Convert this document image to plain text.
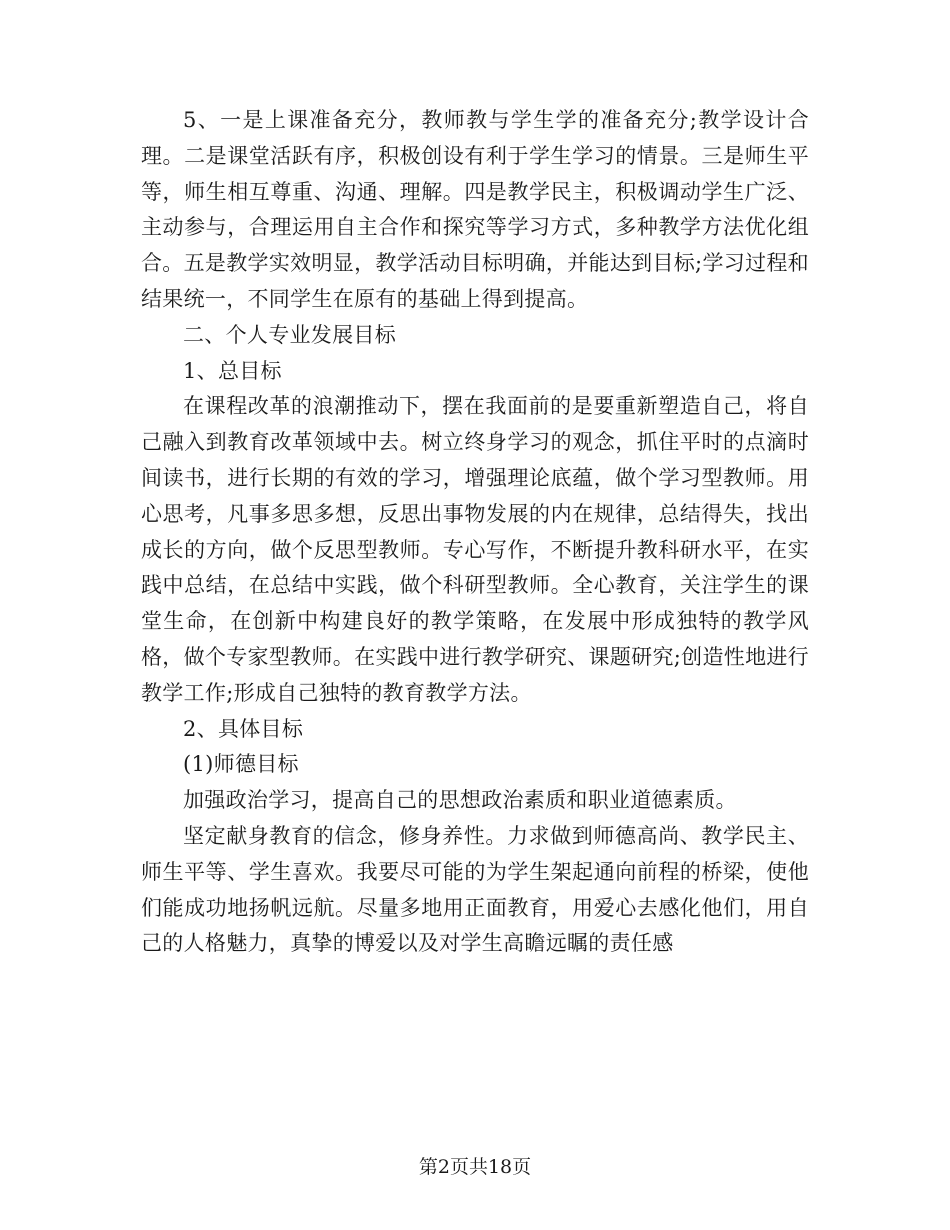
5、一是上课准备充分，教师教与学生学的准备充分;教学设计合理。二是课堂活跃有序，积极创设有利于学生学习的情景。三是师生平等，师生相互尊重、沟通、理解。四是教学民主，积极调动学生广泛、主动参与，合理运用自主合作和探究等学习方式，多种教学方法优化组合。五是教学实效明显，教学活动目标明确，并能达到目标;学习过程和结果统一，不同学生在原有的基础上得到提高。

二、个人专业发展目标

1、总目标

在课程改革的浪潮推动下，摆在我面前的是要重新塑造自己，将自己融入到教育改革领域中去。树立终身学习的观念，抓住平时的点滴时间读书，进行长期的有效的学习，增强理论底蕴，做个学习型教师。用心思考，凡事多思多想，反思出事物发展的内在规律，总结得失，找出成长的方向，做个反思型教师。专心写作，不断提升教科研水平，在实践中总结，在总结中实践，做个科研型教师。全心教育，关注学生的课堂生命，在创新中构建良好的教学策略，在发展中形成独特的教学风格，做个专家型教师。在实践中进行教学研究、课题研究;创造性地进行教学工作;形成自己独特的教育教学方法。

2、具体目标

(1)师德目标

加强政治学习，提高自己的思想政治素质和职业道德素质。

坚定献身教育的信念，修身养性。力求做到师德高尚、教学民主、师生平等、学生喜欢。我要尽可能的为学生架起通向前程的桥梁，使他们能成功地扬帆远航。尽量多地用正面教育，用爱心去感化他们，用自己的人格魅力，真挚的博爱以及对学生高瞻远瞩的责任感

第2页共18页
